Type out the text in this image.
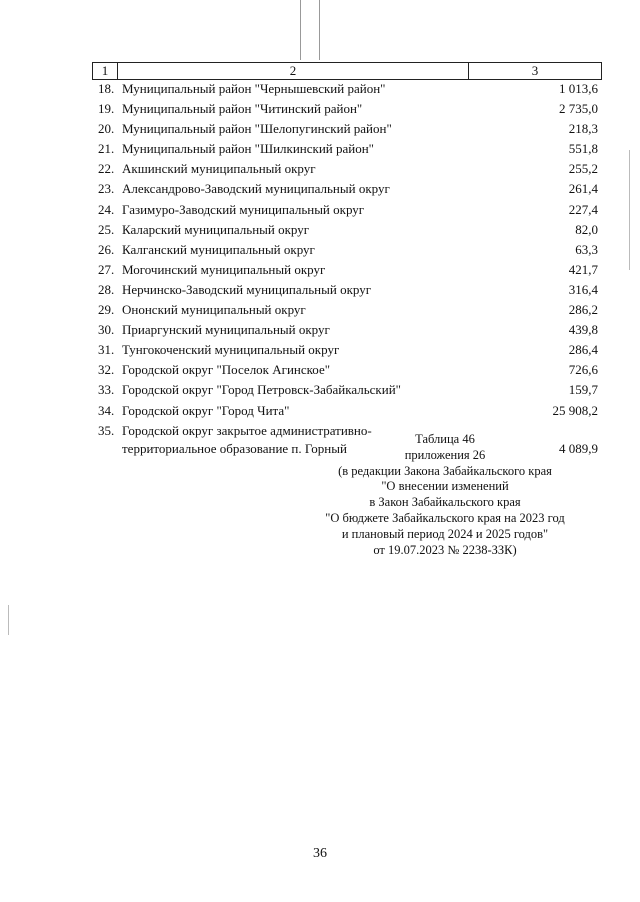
1	2	3
18. Муниципальный район "Чернышевский район"	1 013,6
19. Муниципальный район "Читинский район"	2 735,0
20. Муниципальный район "Шелопугинский район"	218,3
21. Муниципальный район "Шилкинский район"	551,8
22. Акшинский муниципальный округ	255,2
23. Александрово-Заводский муниципальный округ	261,4
24. Газимуро-Заводский муниципальный округ	227,4
25. Каларский муниципальный округ	82,0
26. Калганский муниципальный округ	63,3
27. Могочинский муниципальный округ	421,7
28. Нерчинско-Заводский муниципальный округ	316,4
29. Ононский муниципальный округ	286,2
30. Приаргунский муниципальный округ	439,8
31. Тунгокоченский муниципальный округ	286,4
32. Городской округ "Поселок Агинское"	726,6
33. Городской округ "Город Петровск-Забайкальский"	159,7
34. Городской округ "Город Чита"	25 908,2
35. Городской округ закрытое административно-
территориальное образование п. Горный	4 089,9
Таблица 46
приложения 26
(в редакции Закона Забайкальского края
"О внесении изменений
в Закон Забайкальского края
"О бюджете Забайкальского края на 2023 год
и плановый период 2024 и 2025 годов"
от 19.07.2023 № 2238-ЗЗК)
36
